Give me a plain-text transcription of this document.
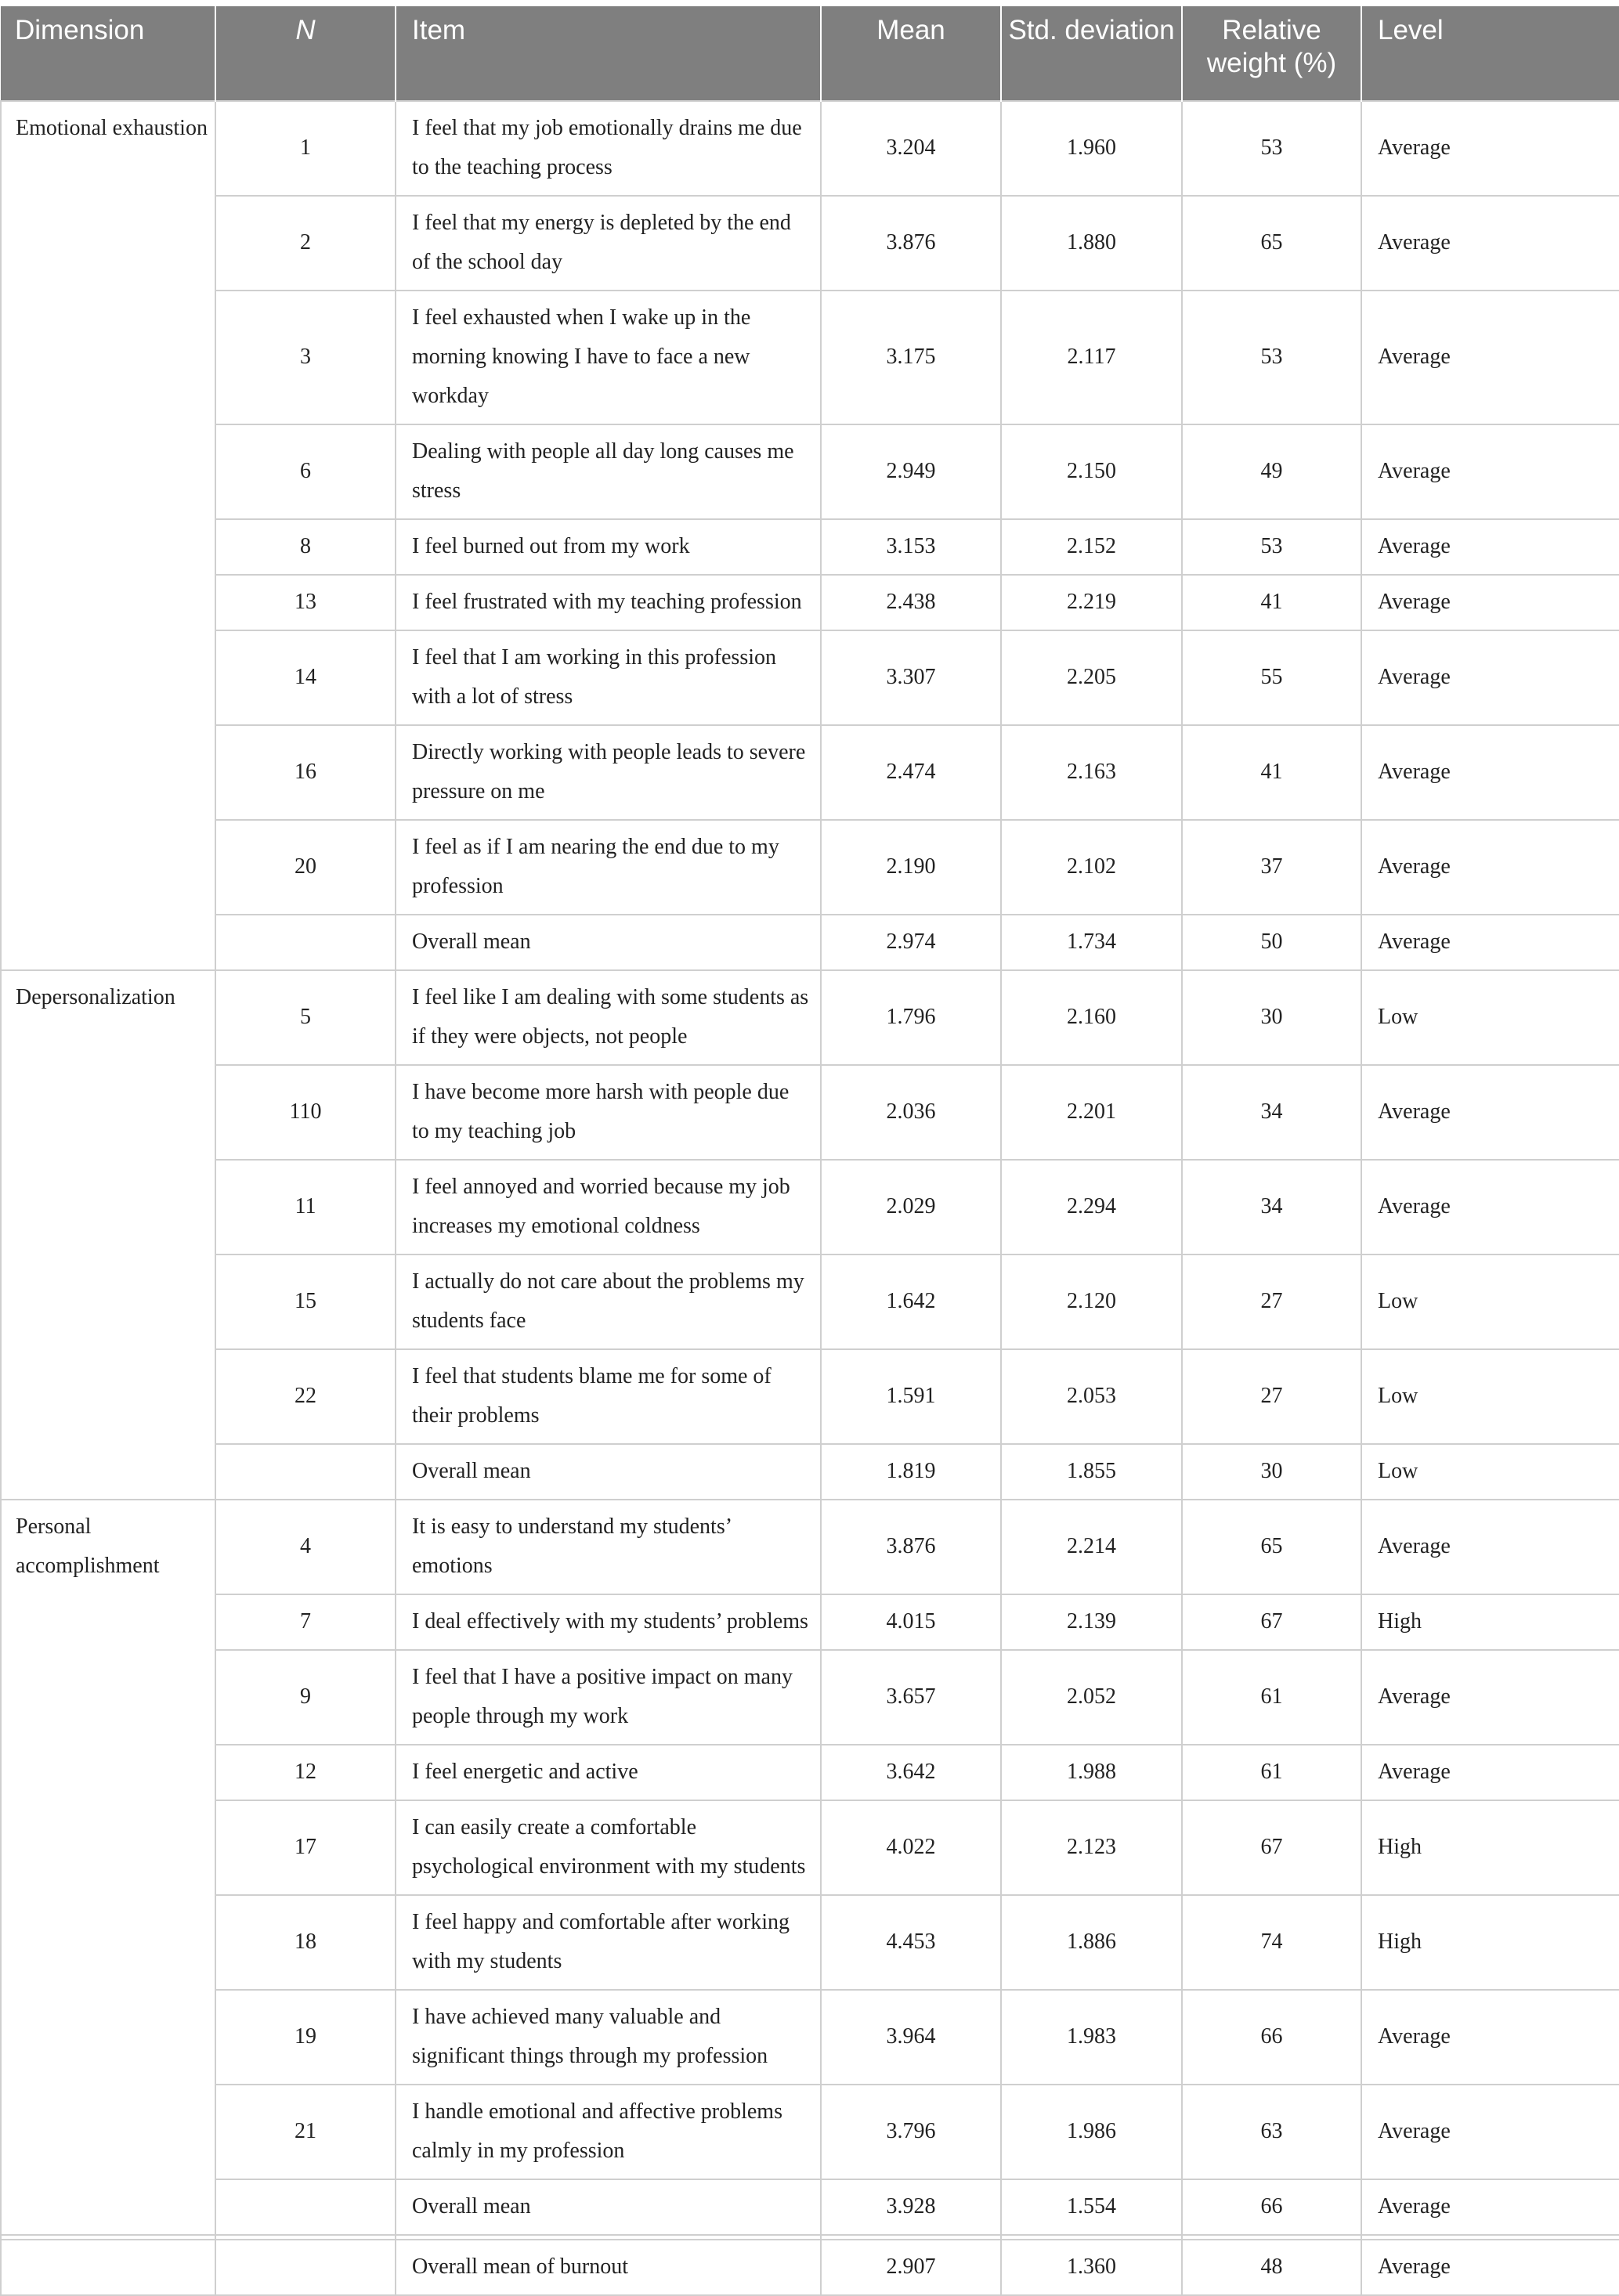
Dimension	N	Item	Mean	Std. deviation	Relative weight (%)	Level
Emotional exhaustion	1	I feel that my job emotionally drains me due to the teaching process	3.204	1.960	53	Average
	2	I feel that my energy is depleted by the end of the school day	3.876	1.880	65	Average
	3	I feel exhausted when I wake up in the morning knowing I have to face a new workday	3.175	2.117	53	Average
	6	Dealing with people all day long causes me stress	2.949	2.150	49	Average
	8	I feel burned out from my work	3.153	2.152	53	Average
	13	I feel frustrated with my teaching profession	2.438	2.219	41	Average
	14	I feel that I am working in this profession with a lot of stress	3.307	2.205	55	Average
	16	Directly working with people leads to severe pressure on me	2.474	2.163	41	Average
	20	I feel as if I am nearing the end due to my profession	2.190	2.102	37	Average
		Overall mean	2.974	1.734	50	Average
Depersonalization	5	I feel like I am dealing with some students as if they were objects, not people	1.796	2.160	30	Low
	110	I have become more harsh with people due to my teaching job	2.036	2.201	34	Average
	11	I feel annoyed and worried because my job increases my emotional coldness	2.029	2.294	34	Average
	15	I actually do not care about the problems my students face	1.642	2.120	27	Low
	22	I feel that students blame me for some of their problems	1.591	2.053	27	Low
		Overall mean	1.819	1.855	30	Low
Personal accomplishment	4	It is easy to understand my students’ emotions	3.876	2.214	65	Average
	7	I deal effectively with my students’ problems	4.015	2.139	67	High
	9	I feel that I have a positive impact on many people through my work	3.657	2.052	61	Average
	12	I feel energetic and active	3.642	1.988	61	Average
	17	I can easily create a comfortable psychological environment with my students	4.022	2.123	67	High
	18	I feel happy and comfortable after working with my students	4.453	1.886	74	High
	19	I have achieved many valuable and significant things through my profession	3.964	1.983	66	Average
	21	I handle emotional and affective problems calmly in my profession	3.796	1.986	63	Average
		Overall mean	3.928	1.554	66	Average

		Overall mean of burnout	2.907	1.360	48	Average
